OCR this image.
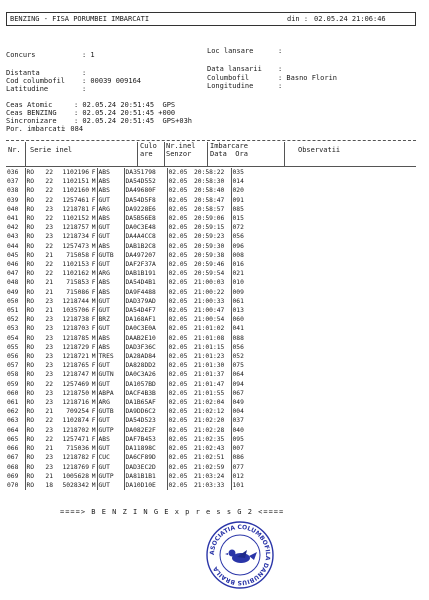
BENZING - FISA PORUMBEI IMBARCATI	din : 02.05.24 21:06:46
Concurs	: 1	Loc lansare	:
Distanta	:
Cod columbofil : 00039 009164
Latitudine	:
Data lansarii :
Columbofil	: Basno Florin
Longitudine	:
Ceas Atomic	: 02.05.24 20:51:45  GPS
Ceas BENZING : 02.05.24 20:51:45 +000
Sincronizare : 02.05.24 20:51:45  GPS+03h
Por. imbarcati
: 084
Nr. Serie inel	Culo
are
Nr.inel
Senzor
Imbarcare
Data  Ora	Observatii
036	RO	22	1102196	F	ABS	DA351798	02.05	20:58:22	035
037	RO	22	1102151	M	ABS	DA54D552	02.05	20:58:30	014
038	RO	22	1102160	M	ABS	DA49680F	02.05	20:58:40	020
039	RO	22	1257461	F	GUT	DA54D5F8	02.05	20:58:47	091
040	RO	23	1218781	F	ARG	DA9228E6	02.05	20:58:57	085
041	RO	22	1102152	M	ABS	DA5B56E8	02.05	20:59:06	015
042	RO	23	1218757	M	GUT	DA0C3E48	02.05	20:59:15	072
043	RO	23	1218734	F	GUT	DA4A4CC8	02.05	20:59:23	056
044	RO	22	1257473	M	ABS	DAB1B2C8	02.05	20:59:30	096
045	RO	21	715058	F	GUTB	DA497207	02.05	20:59:38	008
046	RO	22	1102153	F	GUT	DAF2F37A	02.05	20:59:46	016
047	RO	22	1102162	M	ARG	DAB1B191	02.05	20:59:54	021
048	RO	21	715853	F	ABS	DA54D4B1	02.05	21:00:03	010
049	RO	21	715086	F	ABS	DA9F4488	02.05	21:00:22	009
050	RO	23	1218744	M	GUT	DAD379AD	02.05	21:00:33	061
051	RO	21	1035706	F	GUT	DA54D4F7	02.05	21:00:47	013
052	RO	23	1218738	F	BRZ	DA168AF1	02.05	21:00:54	060
053	RO	23	1218703	F	GUT	DA0C3E0A	02.05	21:01:02	041
054	RO	23	1218785	M	ABS	DAAB2E10	02.05	21:01:08	088
055	RO	23	1218729	F	ABS	DAD3F36C	02.05	21:01:15	056
056	RO	23	1218721	M	TRES	DA28AD84	02.05	21:01:23	052
057	RO	23	1218765	F	GUT	DA828DD2	02.05	21:01:30	075
058	RO	23	1218747	M	GUTN	DA0C3A26	02.05	21:01:37	064
059	RO	22	1257469	M	GUT	DA1057BD	02.05	21:01:47	094
060	RO	23	1218750	M	ABPA	DACF4B3B	02.05	21:01:55	067
061	RO	23	1218716	M	ARG	DA1B65AF	02.05	21:02:04	049
062	RO	21	709254	F	GUTB	DA9DD6C2	02.05	21:02:12	004
063	RO	22	1102874	F	GUT	DA54D523	02.05	21:02:20	037
064	RO	23	1218702	M	GUTP	DA082E2F	02.05	21:02:28	040
065	RO	22	1257471	F	ABS	DAF7B453	02.05	21:02:35	095
066	RO	21	715036	M	GUT	DA11898C	02.05	21:02:43	007
067	RO	23	1218782	F	CUC	DA6CF89D	02.05	21:02:51	086
068	RO	23	1218769	F	GUT	DAD3EC2D	02.05	21:02:59	077
069	RO	21	1005628	M	GUTP	DA81B1B1	02.05	21:03:24	012
070	RO	18	5028342	M	GUT	DA10D10E	02.05	21:03:33	101
====> B E N Z I N G E x p r e s s G 2 <====
ASOCIATIA COLUMBOFILA DANUBIUS BRAILA
